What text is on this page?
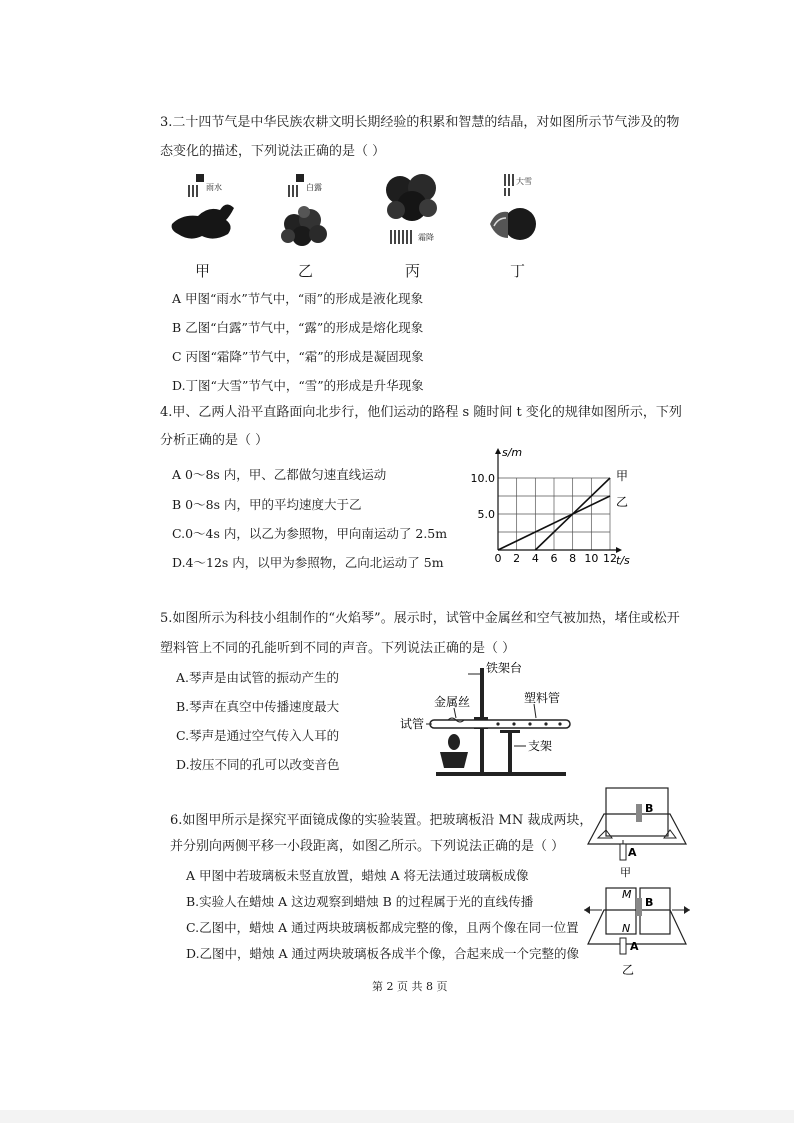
3.二十四节气是中华民族农耕文明长期经验的积累和智慧的结晶，对如图所示节气涉及的物
态变化的描述，下列说法正确的是（ ）
雨水	白露
霜降
大雪
甲	乙	丙	丁
A 甲图“雨水”节气中，“雨”的形成是液化现象
B 乙图“白露”节气中，“露”的形成是熔化现象
C 丙图“霜降”节气中，“霜”的形成是凝固现象
D.丁图“大雪”节气中，“雪”的形成是升华现象
4.甲、乙两人沿平直路面向北步行，他们运动的路程 s 随时间 t 变化的规律如图所示，下列
分析正确的是（ ）
A 0～8s 内，甲、乙都做匀速直线运动
B 0～8s 内，甲的平均速度大于乙
C.0～4s 内，以乙为参照物，甲向南运动了 2.5m
D.4～12s 内，以甲为参照物，乙向北运动了 5m	0 2 4 6 8 10 12
5.0
10.0	甲
乙
s/m
t/s
5.如图所示为科技小组制作的“火焰琴”。展示时，试管中金属丝和空气被加热，堵住或松开
塑料管上不同的孔能听到不同的声音。下列说法正确的是（ ）
A.琴声是由试管的振动产生的
B.琴声在真空中传播速度最大
C.琴声是通过空气传入人耳的
D.按压不同的孔可以改变音色
铁架台
金属丝	塑料管
试管
支架
6.如图甲所示是探究平面镜成像的实验装置。把玻璃板沿 MN 裁成两块，
并分别向两侧平移一小段距离，如图乙所示。下列说法正确的是（ ）
A 甲图中若玻璃板未竖直放置，蜡烛 A 将无法通过玻璃板成像
B.实验人在蜡烛 A 这边观察到蜡烛 B 的过程属于光的直线传播
C.乙图中，蜡烛 A 通过两块玻璃板都成完整的像，且两个像在同一位置
D.乙图中，蜡烛 A 通过两块玻璃板各成半个像，合起来成一个完整的像
B
A
甲
M
N
B
A
乙
第 2 页 共 8 页
